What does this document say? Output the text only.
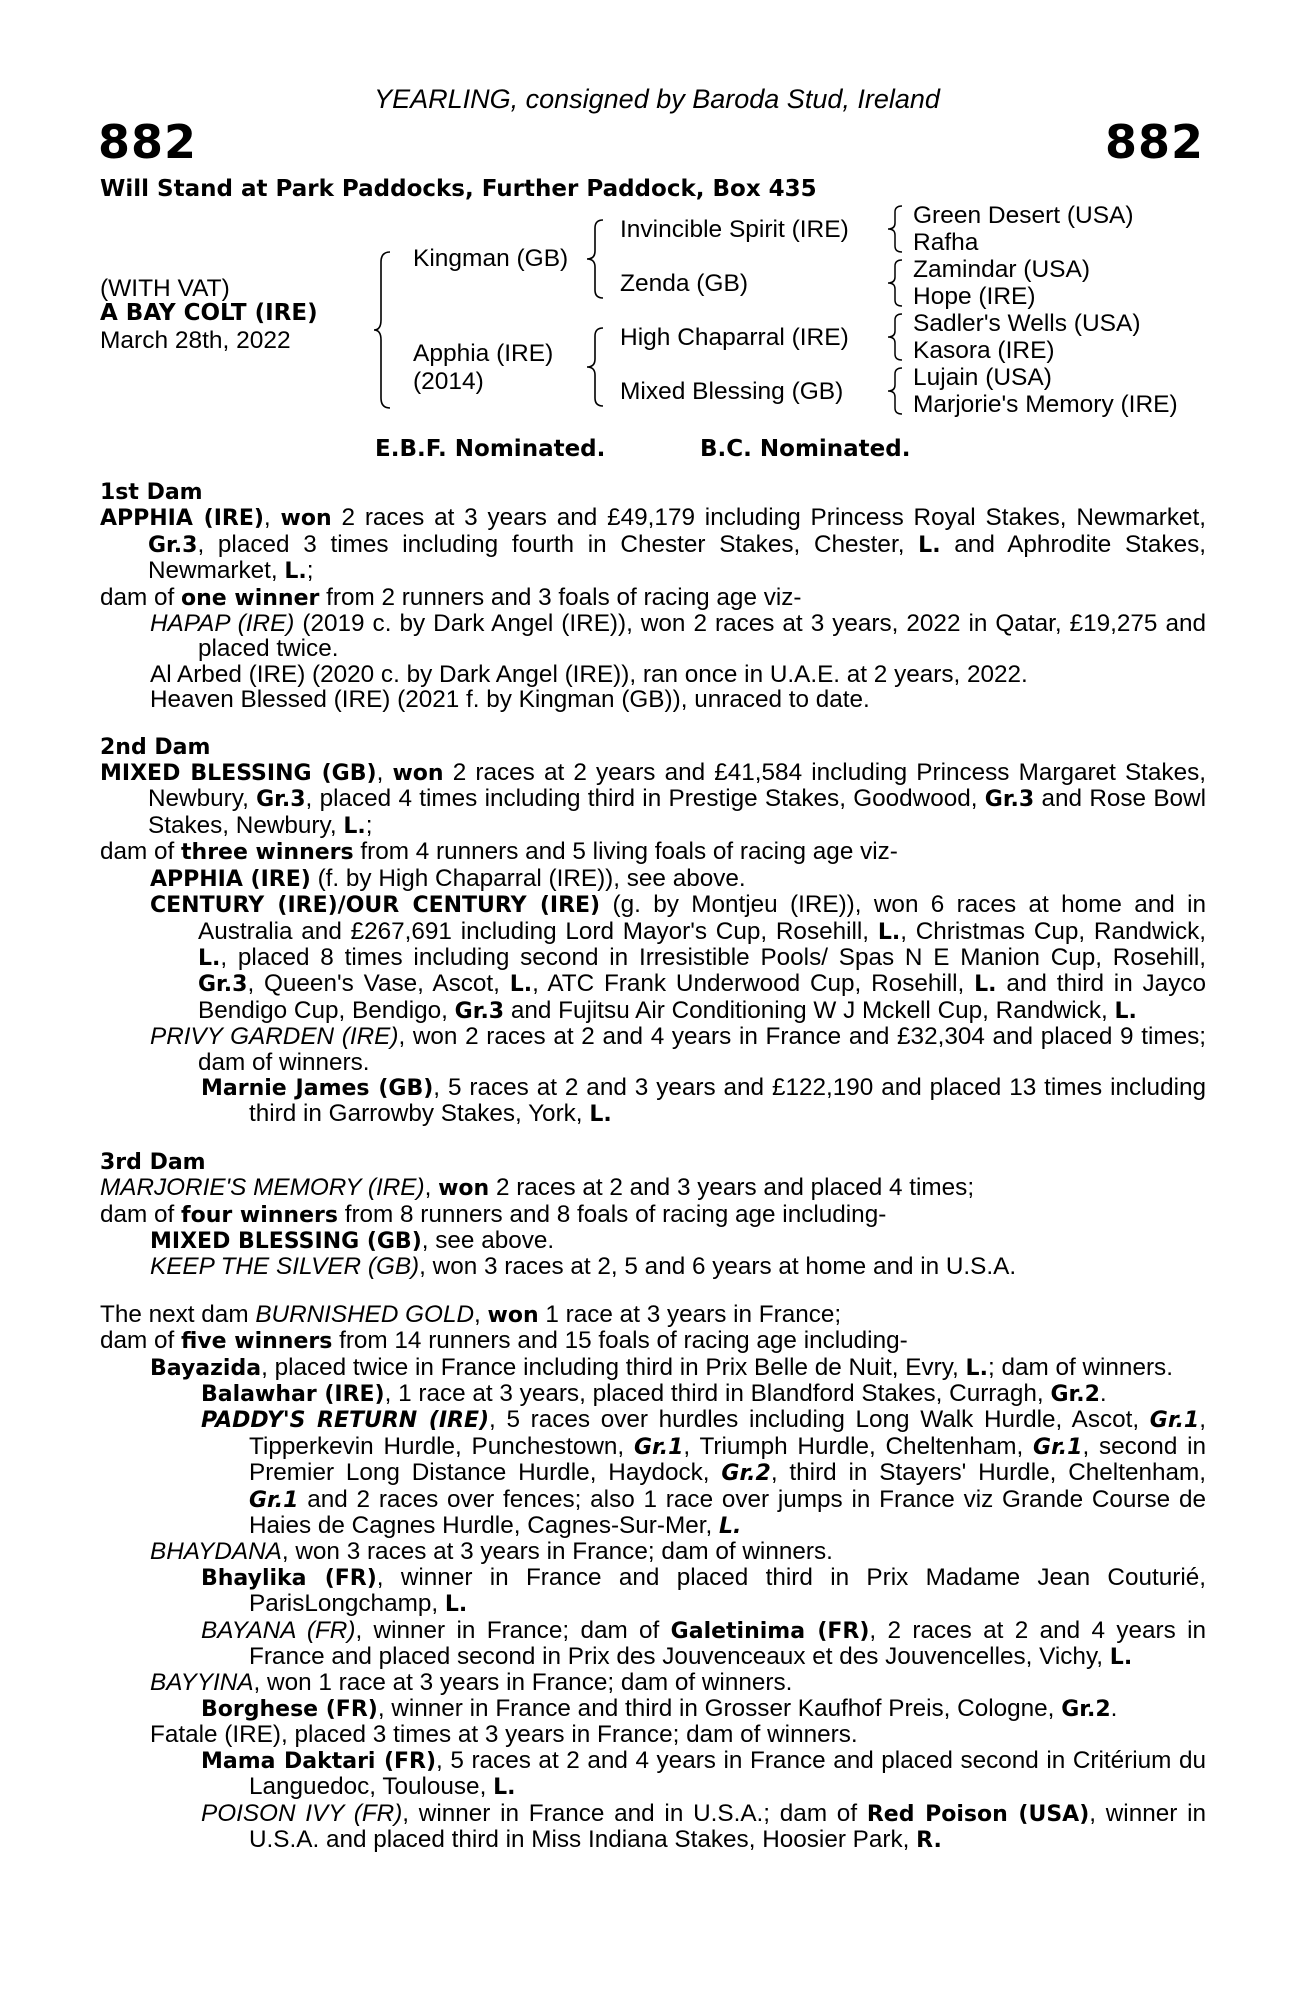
YEARLING, consigned by Baroda Stud, Ireland
882	882
Will Stand at Park Paddocks, Further Paddock, Box 435
(WITH VAT)
A BAY COLT (IRE)
March 28th, 2022
Kingman (GB)
Apphia (IRE)
(2014)
Invincible Spirit (IRE)
Zenda (GB)
High Chaparral (IRE)
Mixed Blessing (GB)
Green Desert (USA)
Rafha
Zamindar (USA)
Hope (IRE)
Sadler's Wells (USA)
Kasora (IRE)
Lujain (USA)
Marjorie's Memory (IRE)
E.B.F. Nominated.	B.C. Nominated.
1st Dam
APPHIA (IRE), won 2 races at 3 years and £49,179 including Princess Royal Stakes, Newmarket, Gr.3, placed 3 times including fourth in Chester Stakes, Chester, L. and Aphrodite Stakes, Newmarket, L.;
dam of one winner from 2 runners and 3 foals of racing age viz-
HAPAP (IRE) (2019 c. by Dark Angel (IRE)), won 2 races at 3 years, 2022 in Qatar, £19,275 and placed twice.
Al Arbed (IRE) (2020 c. by Dark Angel (IRE)), ran once in U.A.E. at 2 years, 2022.
Heaven Blessed (IRE) (2021 f. by Kingman (GB)), unraced to date.
2nd Dam
MIXED BLESSING (GB), won 2 races at 2 years and £41,584 including Princess Margaret Stakes, Newbury, Gr.3, placed 4 times including third in Prestige Stakes, Goodwood, Gr.3 and Rose Bowl Stakes, Newbury, L.;
dam of three winners from 4 runners and 5 living foals of racing age viz-
APPHIA (IRE) (f. by High Chaparral (IRE)), see above.
CENTURY (IRE)/OUR CENTURY (IRE) (g. by Montjeu (IRE)), won 6 races at home and in Australia and £267,691 including Lord Mayor's Cup, Rosehill, L., Christmas Cup, Randwick, L., placed 8 times including second in Irresistible Pools/ Spas N E Manion Cup, Rosehill, Gr.3, Queen's Vase, Ascot, L., ATC Frank Underwood Cup, Rosehill, L. and third in Jayco Bendigo Cup, Bendigo, Gr.3 and Fujitsu Air Conditioning W J Mckell Cup, Randwick, L.
PRIVY GARDEN (IRE), won 2 races at 2 and 4 years in France and £32,304 and placed 9 times; dam of winners.
Marnie James (GB), 5 races at 2 and 3 years and £122,190 and placed 13 times including third in Garrowby Stakes, York, L.
3rd Dam
MARJORIE'S MEMORY (IRE), won 2 races at 2 and 3 years and placed 4 times;
dam of four winners from 8 runners and 8 foals of racing age including-
MIXED BLESSING (GB), see above.
KEEP THE SILVER (GB), won 3 races at 2, 5 and 6 years at home and in U.S.A.
The next dam BURNISHED GOLD, won 1 race at 3 years in France;
dam of five winners from 14 runners and 15 foals of racing age including-
Bayazida, placed twice in France including third in Prix Belle de Nuit, Evry, L.; dam of winners.
Balawhar (IRE), 1 race at 3 years, placed third in Blandford Stakes, Curragh, Gr.2.
PADDY'S RETURN (IRE), 5 races over hurdles including Long Walk Hurdle, Ascot, Gr.1, Tipperkevin Hurdle, Punchestown, Gr.1, Triumph Hurdle, Cheltenham, Gr.1, second in Premier Long Distance Hurdle, Haydock, Gr.2, third in Stayers' Hurdle, Cheltenham, Gr.1 and 2 races over fences; also 1 race over jumps in France viz Grande Course de Haies de Cagnes Hurdle, Cagnes-Sur-Mer, L.
BHAYDANA, won 3 races at 3 years in France; dam of winners.
Bhaylika (FR), winner in France and placed third in Prix Madame Jean Couturié, ParisLongchamp, L.
BAYANA (FR), winner in France; dam of Galetinima (FR), 2 races at 2 and 4 years in France and placed second in Prix des Jouvenceaux et des Jouvencelles, Vichy, L.
BAYYINA, won 1 race at 3 years in France; dam of winners.
Borghese (FR), winner in France and third in Grosser Kaufhof Preis, Cologne, Gr.2.
Fatale (IRE), placed 3 times at 3 years in France; dam of winners.
Mama Daktari (FR), 5 races at 2 and 4 years in France and placed second in Critérium du Languedoc, Toulouse, L.
POISON IVY (FR), winner in France and in U.S.A.; dam of Red Poison (USA), winner in U.S.A. and placed third in Miss Indiana Stakes, Hoosier Park, R.
